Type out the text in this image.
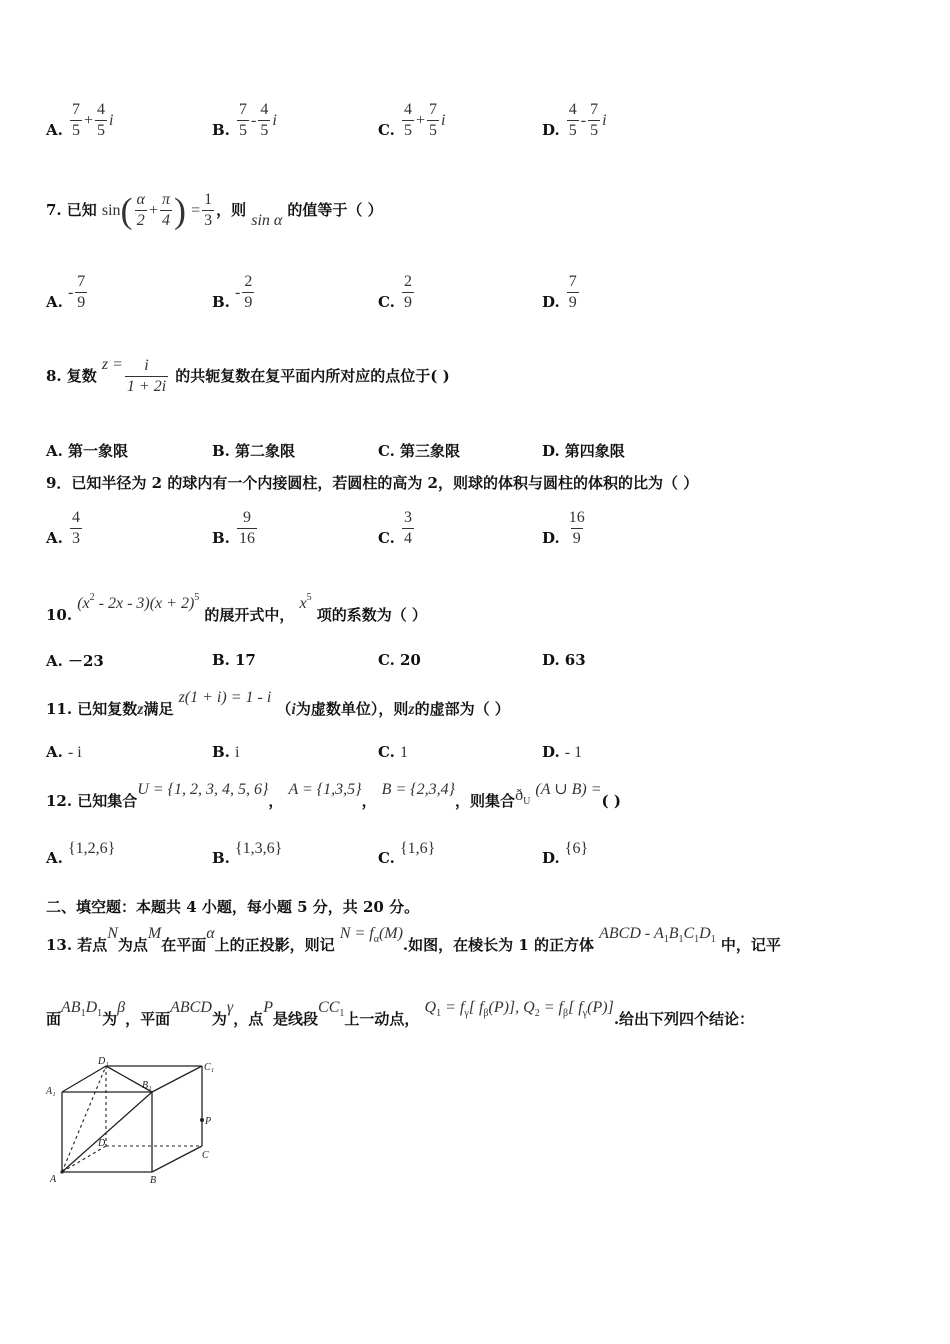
A. $\frac{7}{5} + \frac{4}{5}$ i
B. $\frac{7}{5} - \frac{4}{5}$ i
C. $\frac{4}{5} + \frac{7}{5}$ i
D. $\frac{4}{5} - \frac{7}{5}$ i
7. 已知 $\sin( \frac{\alpha}{2} + \frac{\pi}{4}$ ) = $\frac{1}{3}$ ，则 sin α 的值等于（ ）
A. - $\frac{7}{9}$	B. - $\frac{2}{9}$	C. $\frac{2}{9}$	D. $\frac{7}{9}$
8. 复数 $z = \frac{i}{1 + 2i}$ 的共轭复数在复平面内所对应的点位于( )
A. 第一象限	B. 第二象限	C. 第三象限	D. 第四象限
9．已知半径为 2 的球内有一个内接圆柱，若圆柱的高为 2，则球的体积与圆柱的体积的比为（ ）
A. $\frac{4}{3}$	B. $\frac{9}{16}$	C. $\frac{3}{4}$	D. $\frac{16}{9}$
10. $(x^2 - 2x - 3)(x + 2)^5$ 的展开式中， $x^5$ 项的系数为（ ）
A. －23	B. 17	C. 20	D. 63
11. 已知复数z满足 z(1 + i) = 1 - i （i为虚数单位），则z的虚部为（ ）
A. - i	B. i	C. 1	D. - 1
12. 已知集合U = {1, 2, 3, 4, 5, 6}， A = {1,3,5}， B = {2,3,4}，则集合$ð_U$ (A ∪ B) =( )
A. {1,2,6}
B. {1,3,6}
C. {1,6}
D. {6}
二、填空题：本题共 4 小题，每小题 5 分，共 20 分。
13. 若点N为点M在平面α上的正投影，则记 $N = f_\alpha(M)$.如图，在棱长为 1 的正方体 ABCD - $A_1B_1C_1D_1$ 中，记平
面$AB_1D_1$为β，平面ABCD为γ，点P是线段$CC_1$上一动点， $Q_1 = f_\gamma$[ $f_\beta(P)$], $Q_2 = f_\beta$[ $f_\gamma(P)$].给出下列四个结论：
A	B
C
D
A₁
B₁
C₁
D₁
P
